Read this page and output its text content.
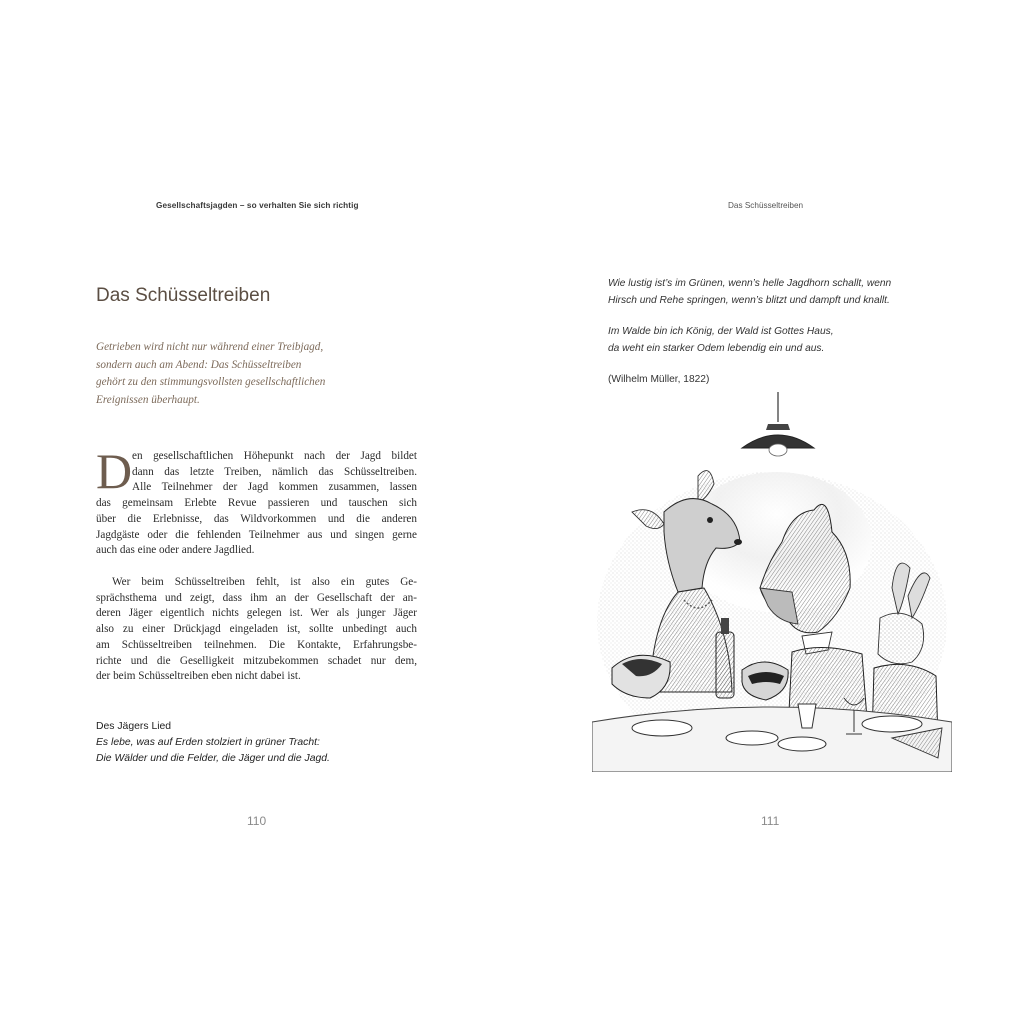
Gesellschaftsjagden – so verhalten Sie sich richtig
Das Schüsseltreiben

Getrieben wird nicht nur während einer Treibjagd,
sondern auch am Abend: Das Schüsseltreiben
gehört zu den stimmungsvollsten gesellschaftlichen
Ereignissen überhaupt.

D en gesellschaftlichen Höhepunkt nach der Jagd bildet
dann das letzte Treiben, nämlich das Schüsseltreiben.
Alle Teilnehmer der Jagd kommen zusammen, lassen
das gemeinsam Erlebte Revue passieren und tauschen sich
über die Erlebnisse, das Wildvorkommen und die anderen
Jagdgäste oder die fehlenden Teilnehmer aus und singen gerne
auch das eine oder andere Jagdlied.

Wer beim Schüsseltreiben fehlt, ist also ein gutes Ge-
sprächsthema und zeigt, dass ihm an der Gesellschaft der an-
deren Jäger eigentlich nichts gelegen ist. Wer als junger Jäger
also zu einer Drückjagd eingeladen ist, sollte unbedingt auch
am Schüsseltreiben teilnehmen. Die Kontakte, Erfahrungsbe-
richte und die Geselligkeit mitzubekommen schadet nur dem,
der beim Schüsseltreiben eben nicht dabei ist.

Des Jägers Lied
Es lebe, was auf Erden stolziert in grüner Tracht:
Die Wälder und die Felder, die Jäger und die Jagd.
110
Das Schüsseltreiben
Wie lustig ist’s im Grünen, wenn’s helle Jagdhorn schallt, wenn
Hirsch und Rehe springen, wenn’s blitzt und dampft und knallt.
Im Walde bin ich König, der Wald ist Gottes Haus,
da weht ein starker Odem lebendig ein und aus.
(Wilhelm Müller, 1822)
111
